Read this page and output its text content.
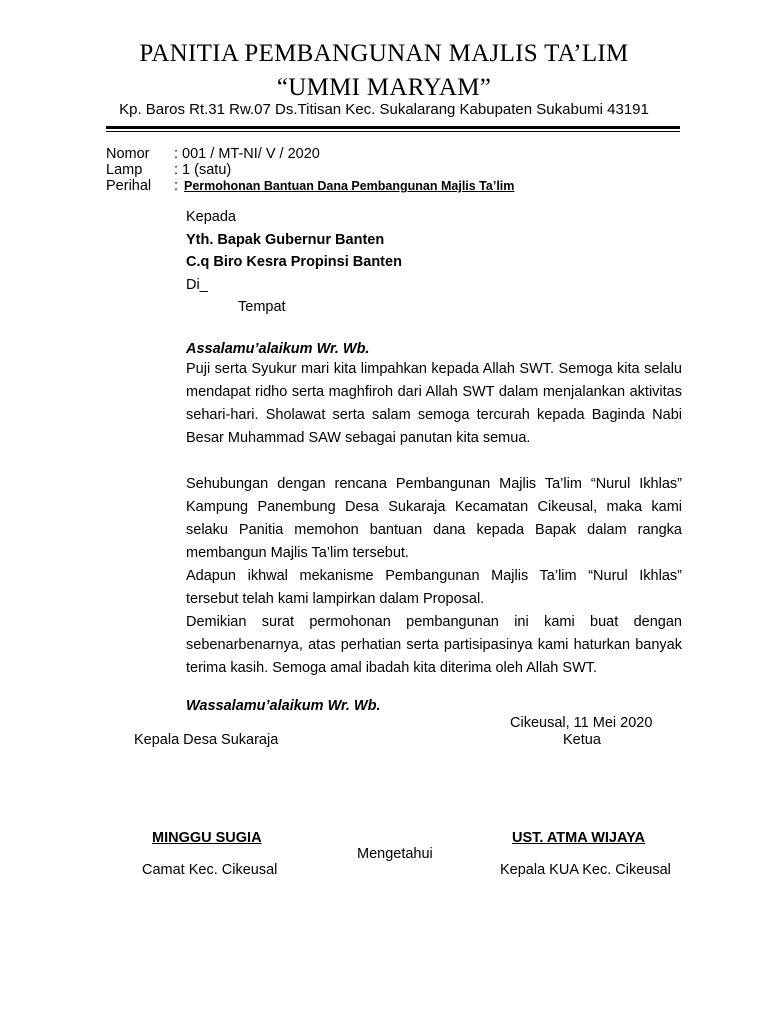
PANITIA PEMBANGUNAN MAJLIS TA’LIM
“UMMI MARYAM”
Kp. Baros Rt.31 Rw.07 Ds.Titisan Kec. Sukalarang Kabupaten Sukabumi 43191
Nomor : 001 / MT-NI/ V / 2020
Lamp : 1 (satu)
Perihal : Permohonan Bantuan Dana Pembangunan Majlis Ta’lim
Kepada
Yth. Bapak Gubernur Banten
C.q Biro Kesra Propinsi Banten
Di_
Tempat
Assalamu’alaikum Wr. Wb.
Puji serta Syukur mari kita limpahkan kepada Allah SWT. Semoga kita selalu mendapat ridho serta maghfiroh dari Allah SWT dalam menjalankan aktivitas sehari-hari. Sholawat serta salam semoga tercurah kepada Baginda Nabi Besar Muhammad SAW sebagai panutan kita semua.
Sehubungan dengan rencana Pembangunan Majlis Ta’lim “Nurul Ikhlas” Kampung Panembung Desa Sukaraja Kecamatan Cikeusal, maka kami selaku Panitia memohon bantuan dana kepada Bapak dalam rangka membangun Majlis Ta’lim tersebut.
Adapun ikhwal mekanisme Pembangunan Majlis Ta’lim “Nurul Ikhlas” tersebut telah kami lampirkan dalam Proposal.
Demikian surat permohonan pembangunan ini kami buat dengan sebenarbenarnya, atas perhatian serta partisipasinya kami haturkan banyak terima kasih. Semoga amal ibadah kita diterima oleh Allah SWT.
Wassalamu’alaikum Wr. Wb.
Cikeusal, 11 Mei 2020
Kepala Desa Sukaraja	Ketua
MINGGU SUGIA	UST. ATMA WIJAYA
Mengetahui
Camat Kec. Cikeusal	Kepala KUA Kec. Cikeusal
